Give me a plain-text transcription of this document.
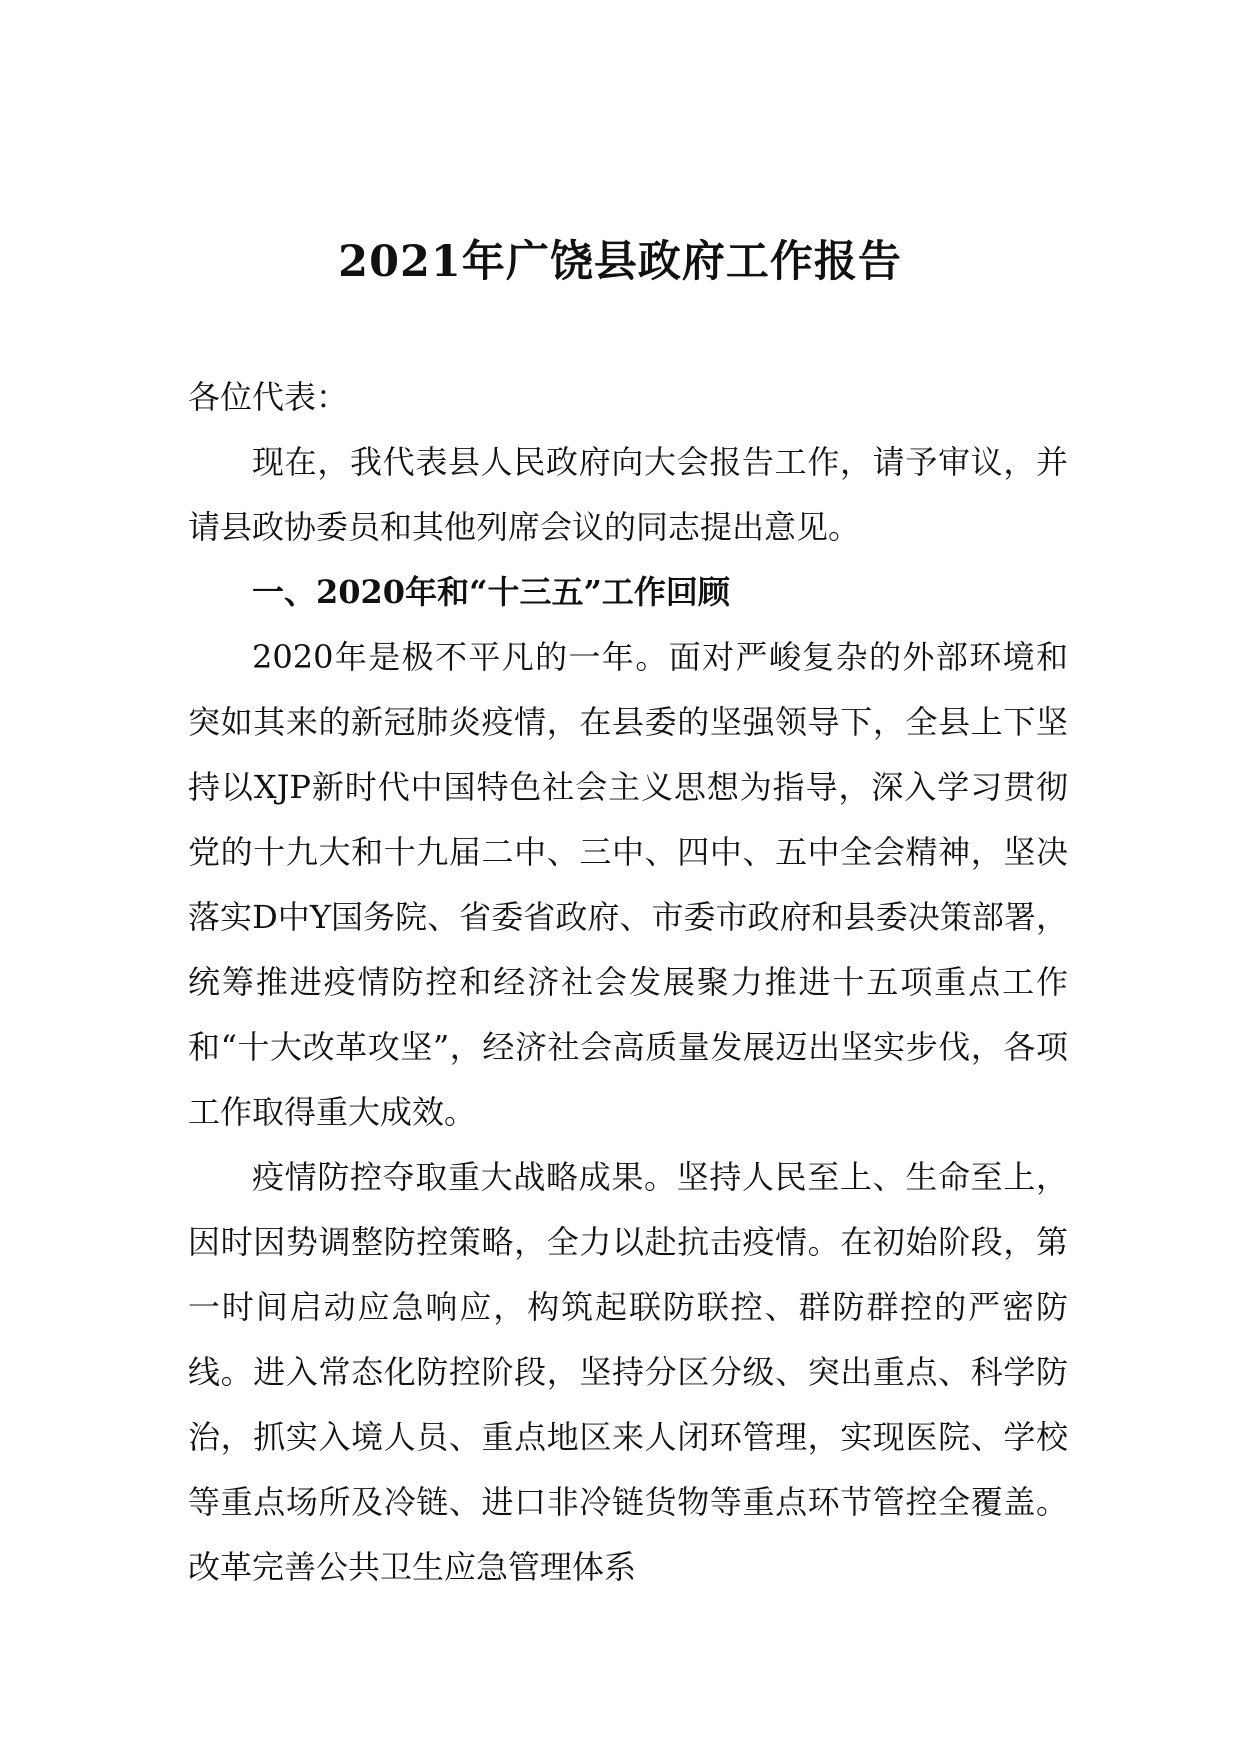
2021年广饶县政府工作报告

各位代表：

现在，我代表县人民政府向大会报告工作，请予审议，并请县政协委员和其他列席会议的同志提出意见。

一、2020年和“十三五”工作回顾

2020年是极不平凡的一年。面对严峻复杂的外部环境和突如其来的新冠肺炎疫情，在县委的坚强领导下，全县上下坚持以XJP新时代中国特色社会主义思想为指导，深入学习贯彻党的十九大和十九届二中、三中、四中、五中全会精神，坚决落实D中Y国务院、省委省政府、市委市政府和县委决策部署，统筹推进疫情防控和经济社会发展聚力推进十五项重点工作和“十大改革攻坚”，经济社会高质量发展迈出坚实步伐，各项工作取得重大成效。

疫情防控夺取重大战略成果。坚持人民至上、生命至上，因时因势调整防控策略，全力以赴抗击疫情。在初始阶段，第一时间启动应急响应，构筑起联防联控、群防群控的严密防线。进入常态化防控阶段，坚持分区分级、突出重点、科学防治，抓实入境人员、重点地区来人闭环管理，实现医院、学校等重点场所及冷链、进口非冷链货物等重点环节管控全覆盖。改革完善公共卫生应急管理体系
